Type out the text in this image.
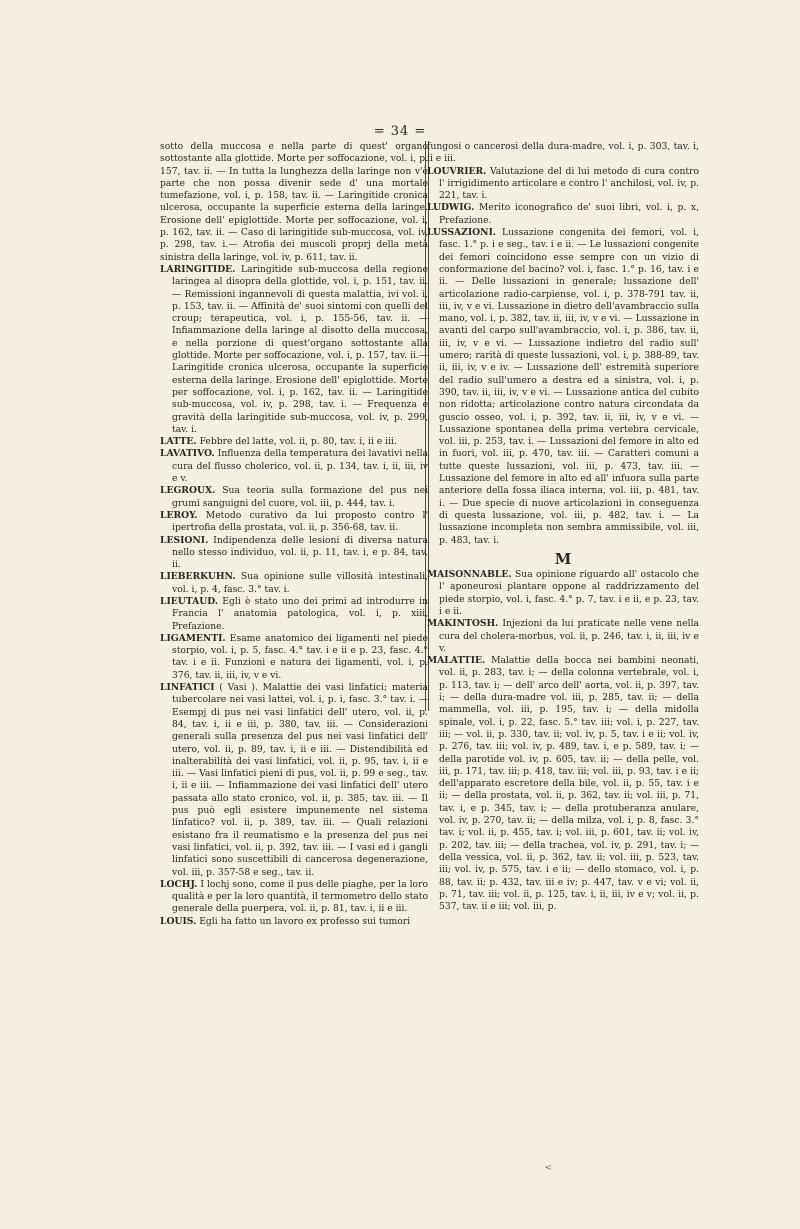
= 34 =
sotto della muccosa e nella parte di quest' organo sottostante alla glottide. Morte per soffocazione, vol. i, p. 157, tav. ii. — In tutta la lunghezza della laringe non v'è parte che non possa divenir sede d' una mortale tumefazione, vol. i, p. 158, tav. ii. — Laringitide cronica ulcerosa, occupante la superficie esterna della laringe. Erosione dell' epiglottide. Morte per soffocazione, vol. i, p. 162, tav. ii. — Caso di laringitide sub-muccosa, vol. iv, p. 298, tav. i.— Atrofia dei muscoli proprj della metà sinistra della laringe, vol. iv, p. 611, tav. ii.
LARINGITIDE. Laringitide sub-muccosa della regione laringea al disopra della glottide, vol. i, p. 151, tav. ii. — Remissioni ingannevoli di questa malattia, ivi vol. i, p. 153, tav. ii. — Affinità de' suoi sintomi con quelli del croup; terapeutica, vol. i, p. 155-56, tav. ii. — Infiammazione della laringe al disotto della muccosa, e nella porzione di quest'organo sottostante alla glottide. Morte per soffocazione, vol. i, p. 157, tav. ii.—Laringitide cronica ulcerosa, occupante la superficie esterna della laringe. Erosione dell' epiglottide. Morte per soffocazione, vol. i, p. 162, tav. ii. — Laringitide sub-muccosa, vol. iv, p. 298, tav. i. — Frequenza e gravità della laringitide sub-muccosa, vol. iv, p. 299, tav. i.
LATTE. Febbre del latte, vol. ii, p. 80, tav. i, ii e iii.
LAVATIVO. Influenza della temperatura dei lavativi nella cura del flusso cholerico, vol. ii, p. 134, tav. i, ii, iii, iv e v.
LEGROUX. Sua teoria sulla formazione del pus nei grumi sanguigni del cuore, vol. iii, p. 444, tav. i.
LEROY. Metodo curativo da lui proposto contro l' ipertrofia della prostata, vol. ii, p. 356-68, tav. ii.
LESIONI. Indipendenza delle lesioni di diversa natura nello stesso individuo, vol. ii, p. 11, tav. i, e p. 84, tav. ii.
LIEBERKUHN. Sua opinione sulle villosità intestinali, vol. i, p. 4, fasc. 3.° tav. i.
LIEUTAUD. Egli è stato uno dei primi ad introdurre in Francia l' anatomia patologica, vol. i, p. xiii, Prefazione.
LIGAMENTI. Esame anatomico dei ligamenti nel piede storpio, vol. i, p. 5, fasc. 4.° tav. i e ii e p. 23, fasc. 4.° tav. i e ii. Funzioni e natura dei ligamenti, vol. i, p. 376, tav. ii, iii, iv, v e vi.
LINFATICI ( Vasi ). Malattie dei vasi linfatici; materia tubercolare nei vasi lattei, vol. i, p. i, fasc. 3.° tav. i. — Esempj di pus nei vasi linfatici dell' utero, vol. ii, p. 84, tav. i, ii e iii, p. 380, tav. iii. — Considerazioni generali sulla presenza del pus nei vasi linfatici dell' utero, vol. ii, p. 89, tav. i, ii e iii. — Distendibilità ed inalterabilità dei vasi linfatici, vol. ii, p. 95, tav. i, ii e iii. — Vasi linfatici pieni di pus, vol. ii, p. 99 e seg., tav. i, ii e iii. — Infiammazione dei vasi linfatici dell' utero passata allo stato cronico, vol. ii, p. 385, tav. iii. — Il pus può egli esistere impunemente nel sistema linfatico? vol. ii, p. 389, tav. iii. — Quali relazioni esistano fra il reumatismo e la presenza del pus nei vasi linfatici, vol. ii, p. 392, tav. iii. — I vasi ed i gangli linfatici sono suscettibili di cancerosa degenerazione, vol. iii, p. 357-58 e seg., tav. ii.
LOCHJ. I lochj sono, come il pus delle piaghe, per la loro qualità e per la loro quantità, il termometro dello stato generale della puerpera, vol. ii, p. 81, tav. i, ii e iii.
LOUIS. Egli ha fatto un lavoro ex professo sui tumori
fungosi o cancerosi della dura-madre, vol. i, p. 303, tav. i, ii e iii.
LOUVRIER. Valutazione del di lui metodo di cura contro l' irrigidimento articolare e contro l' anchilosi, vol. iv, p. 221, tav. i.
LUDWIG. Merito iconografico de' suoi libri, vol. i, p. x, Prefazione.
LUSSAZIONI. Lussazione congenita dei femori, vol. i, fasc. 1.° p. i e seg., tav. i e ii. — Le lussazioni congenite dei femori coincidono esse sempre con un vizio di conformazione del bacino? vol. i, fasc. 1.° p. 16, tav. i e ii. — Delle lussazioni in generale; lussazione dell' articolazione radio-carpiense, vol. i, p. 378-791 tav. ii, iii, iv, v e vi. Lussazione in dietro dell'avambraccio sulla mano, vol. i, p. 382, tav. ii, iii, iv, v e vi. — Lussazione in avanti del carpo sull'avambraccio, vol. i, p. 386, tav. ii, iii, iv, v e vi. — Lussazione indietro del radio sull' umero; rarità di queste lussazioni, vol. i, p. 388-89, tav. ii, iii, iv, v e iv. — Lussazione dell' estremità superiore del radio sull'umero a destra ed a sinistra, vol. i, p. 390, tav. ii, iii, iv, v e vi. — Lussazione antica del cubito non ridotta; articolazione contro natura circondata da guscio osseo, vol. i, p. 392, tav. ii, iii, iv, v e vi. — Lussazione spontanea della prima vertebra cervicale, vol. iii, p. 253, tav. i. — Lussazioni del femore in alto ed in fuori, vol. iii, p. 470, tav. iii. — Caratteri comuni a tutte queste lussazioni, vol. iii, p. 473, tav. iii. — Lussazione del femore in alto ed all' infuora sulla parte anteriore della fossa iliaca interna, vol. iii, p. 481, tav. i. — Due specie di nuove articolazioni in conseguenza di questa lussazione, vol. iii, p. 482, tav. i. — La lussazione incompleta non sembra ammissibile, vol. iii, p. 483, tav. i.
M
MAISONNABLE. Sua opinione riguardo all' ostacolo che l' aponeurosi plantare oppone al raddrizzamento del piede storpio, vol. i, fasc. 4.° p. 7, tav. i e ii, e p. 23, tav. i e ii.
MAKINTOSH. Injezioni da lui praticate nelle vene nella cura del cholera-morbus, vol. ii, p. 246, tav. i, ii, iii, iv e v.
MALATTIE. Malattie della bocca nei bambini neonati, vol. ii, p. 283, tav. i; — della colonna vertebrale, vol. i, p. 113, tav. i; — dell' arco dell' aorta, vol. ii, p. 397, tav. i; — della dura-madre vol. iii, p. 285, tav. ii; — della mammella, vol. iii, p. 195, tav. i; — della midolla spinale, vol. i, p. 22, fasc. 5.° tav. iii; vol. i, p. 227, tav. iii; — vol. ii, p. 330, tav. ii; vol. iv, p. 5, tav. i e ii; vol. iv, p. 276, tav. iii; vol. iv, p. 489, tav. i, e p. 589, tav. i; — della parotide vol. iv, p. 605, tav. ii; — della pelle, vol. iii, p. 171, tav. iii; p. 418, tav. iii; vol. iii, p. 93, tav. i e ii; dell'apparato escretore della bile, vol. ii, p. 55, tav. i e ii; — della prostata, vol. ii, p. 362, tav. ii; vol. iii, p. 71, tav. i, e p. 345, tav. i; — della protuberanza anulare, vol. iv, p. 270, tav. ii; — della milza, vol. i, p. 8, fasc. 3.° tav. i; vol. ii, p. 455, tav. i; vol. iii, p. 601, tav. ii; vol. iv, p. 202, tav. iii; — della trachea, vol. iv, p. 291, tav. i; — della vessica, vol. ii, p. 362, tav. ii; vol. iii, p. 523, tav. iii; vol. iv, p. 575, tav. i e ii; — dello stomaco, vol. i, p. 88, tav. ii; p. 432, tav. iii e iv; p. 447, tav. v e vi; vol. ii, p. 71, tav. iii; vol. ii, p. 125, tav. i, ii, iii, iv e v; vol. ii, p. 537, tav. ii e iii; vol. iii, p.
<
